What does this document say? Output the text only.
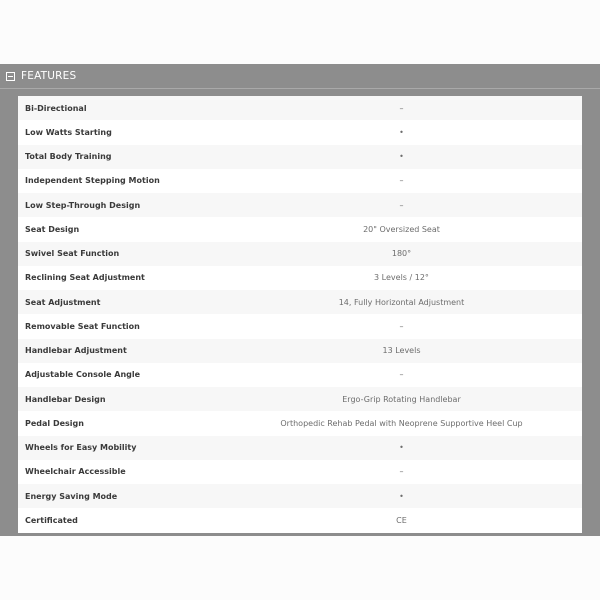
FEATURES
Bi-Directional	–
Low Watts Starting	•
Total Body Training	•
Independent Stepping Motion	–
Low Step-Through Design	–
Seat Design	20" Oversized Seat
Swivel Seat Function	180°
Reclining Seat Adjustment	3 Levels / 12°
Seat Adjustment	14, Fully Horizontal Adjustment
Removable Seat Function	–
Handlebar Adjustment	13 Levels
Adjustable Console Angle	–
Handlebar Design	Ergo-Grip Rotating Handlebar
Pedal Design	Orthopedic Rehab Pedal with Neoprene Supportive Heel Cup
Wheels for Easy Mobility	•
Wheelchair Accessible	–
Energy Saving Mode	•
Certificated	CE
